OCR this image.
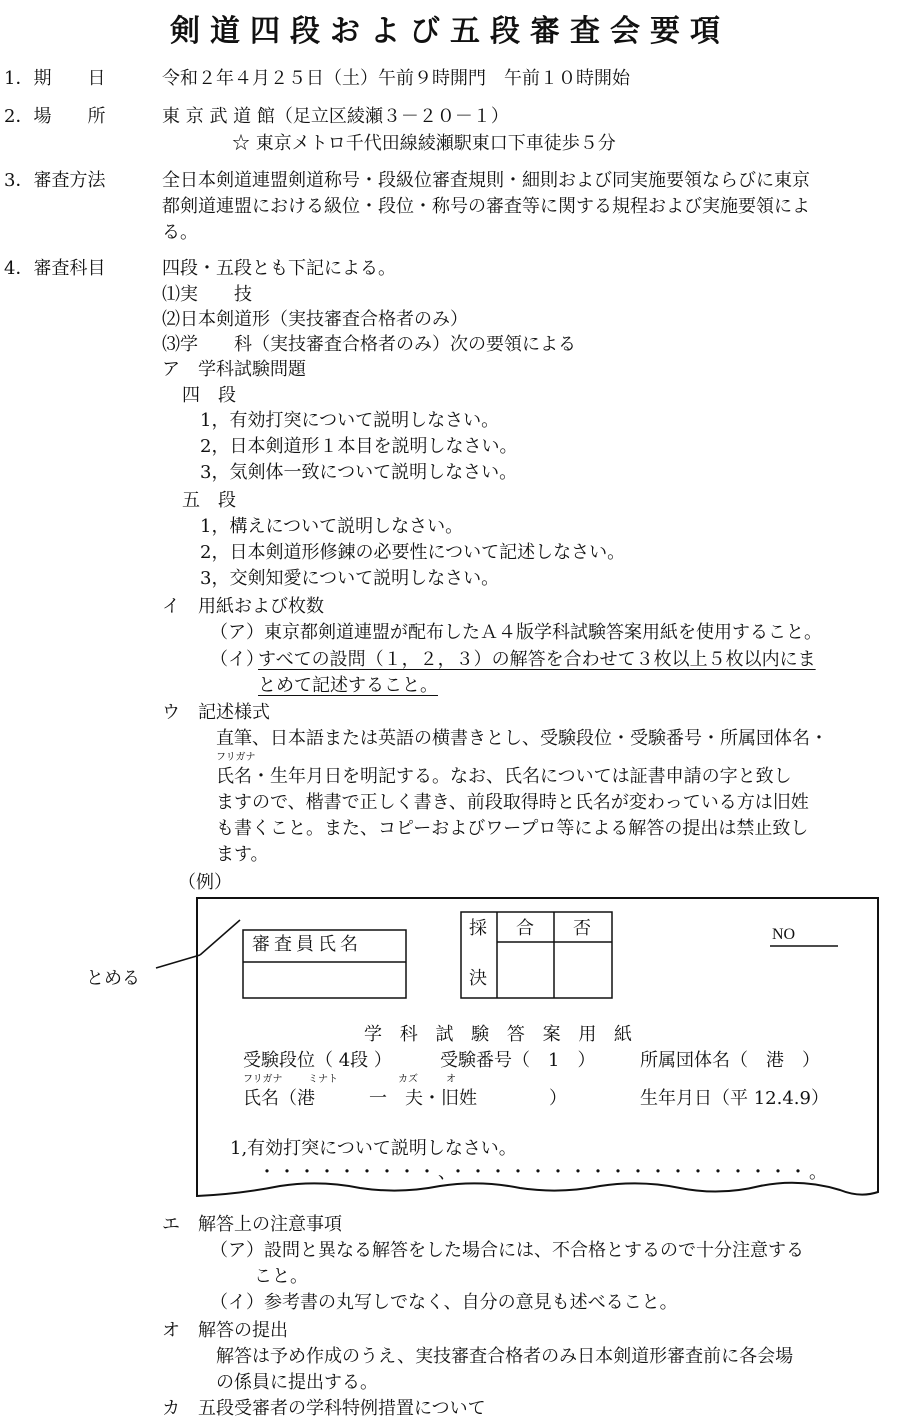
剣道四段および五段審査会要項
1．期　　日	令和２年４月２５日（土）午前９時開門　午前１０時開始
2．場　　所	東 京 武 道 館（足立区綾瀬３－２０－１）
☆ 東京メトロ千代田線綾瀬駅東口下車徒歩５分
3．審査方法	全日本剣道連盟剣道称号・段級位審査規則・細則および同実施要領ならびに東京
都剣道連盟における級位・段位・称号の審査等に関する規程および実施要領によ
る。
4．審査科目	四段・五段とも下記による。
⑴実　　技
⑵日本剣道形（実技審査合格者のみ）
⑶学　　科（実技審査合格者のみ）次の要領による
ア　学科試験問題
四　段
1，有効打突について説明しなさい。
2，日本剣道形１本目を説明しなさい。
3，気剣体一致について説明しなさい。
五　段
1，構えについて説明しなさい。
2，日本剣道形修錬の必要性について記述しなさい。
3，交剣知愛について説明しなさい。
イ　用紙および枚数
（ア）東京都剣道連盟が配布したＡ４版学科試験答案用紙を使用すること。
（イ）
すべての設問（１，２，３）の解答を合わせて３枚以上５枚以内にま
とめて記述すること。
ウ　記述様式
直筆、日本語または英語の横書きとし、受験段位・受験番号・所属団体名・
フリガナ
氏名・生年月日を明記する。なお、氏名については証書申請の字と致し
ますので、楷書で正しく書き、前段取得時と氏名が変わっている方は旧姓
も書くこと。また、コピーおよびワープロ等による解答の提出は禁止致し
ます。
（例）
とめる
審査員氏名
採
決
合 否	NO
学 科 試 験 答 案 用 紙
受験段位（ 4段 ）	受験番号（　1　） 所属団体名（　港　）
フリガナ	ミナト	カズ	オ
氏名（港　　　一　夫・旧姓　　　　）	生年月日（平 12.4.9）
1,有効打突について説明しなさい。
・・・・・・・・・、・・・・・・・・・・・・・・・・・・。
エ　解答上の注意事項
（ア）設問と異なる解答をした場合には、不合格とするので十分注意する
こと。
（イ）参考書の丸写しでなく、自分の意見も述べること。
オ　解答の提出
解答は予め作成のうえ、実技審査合格者のみ日本剣道形審査前に各会場
の係員に提出する。
カ　五段受審者の学科特例措置について
